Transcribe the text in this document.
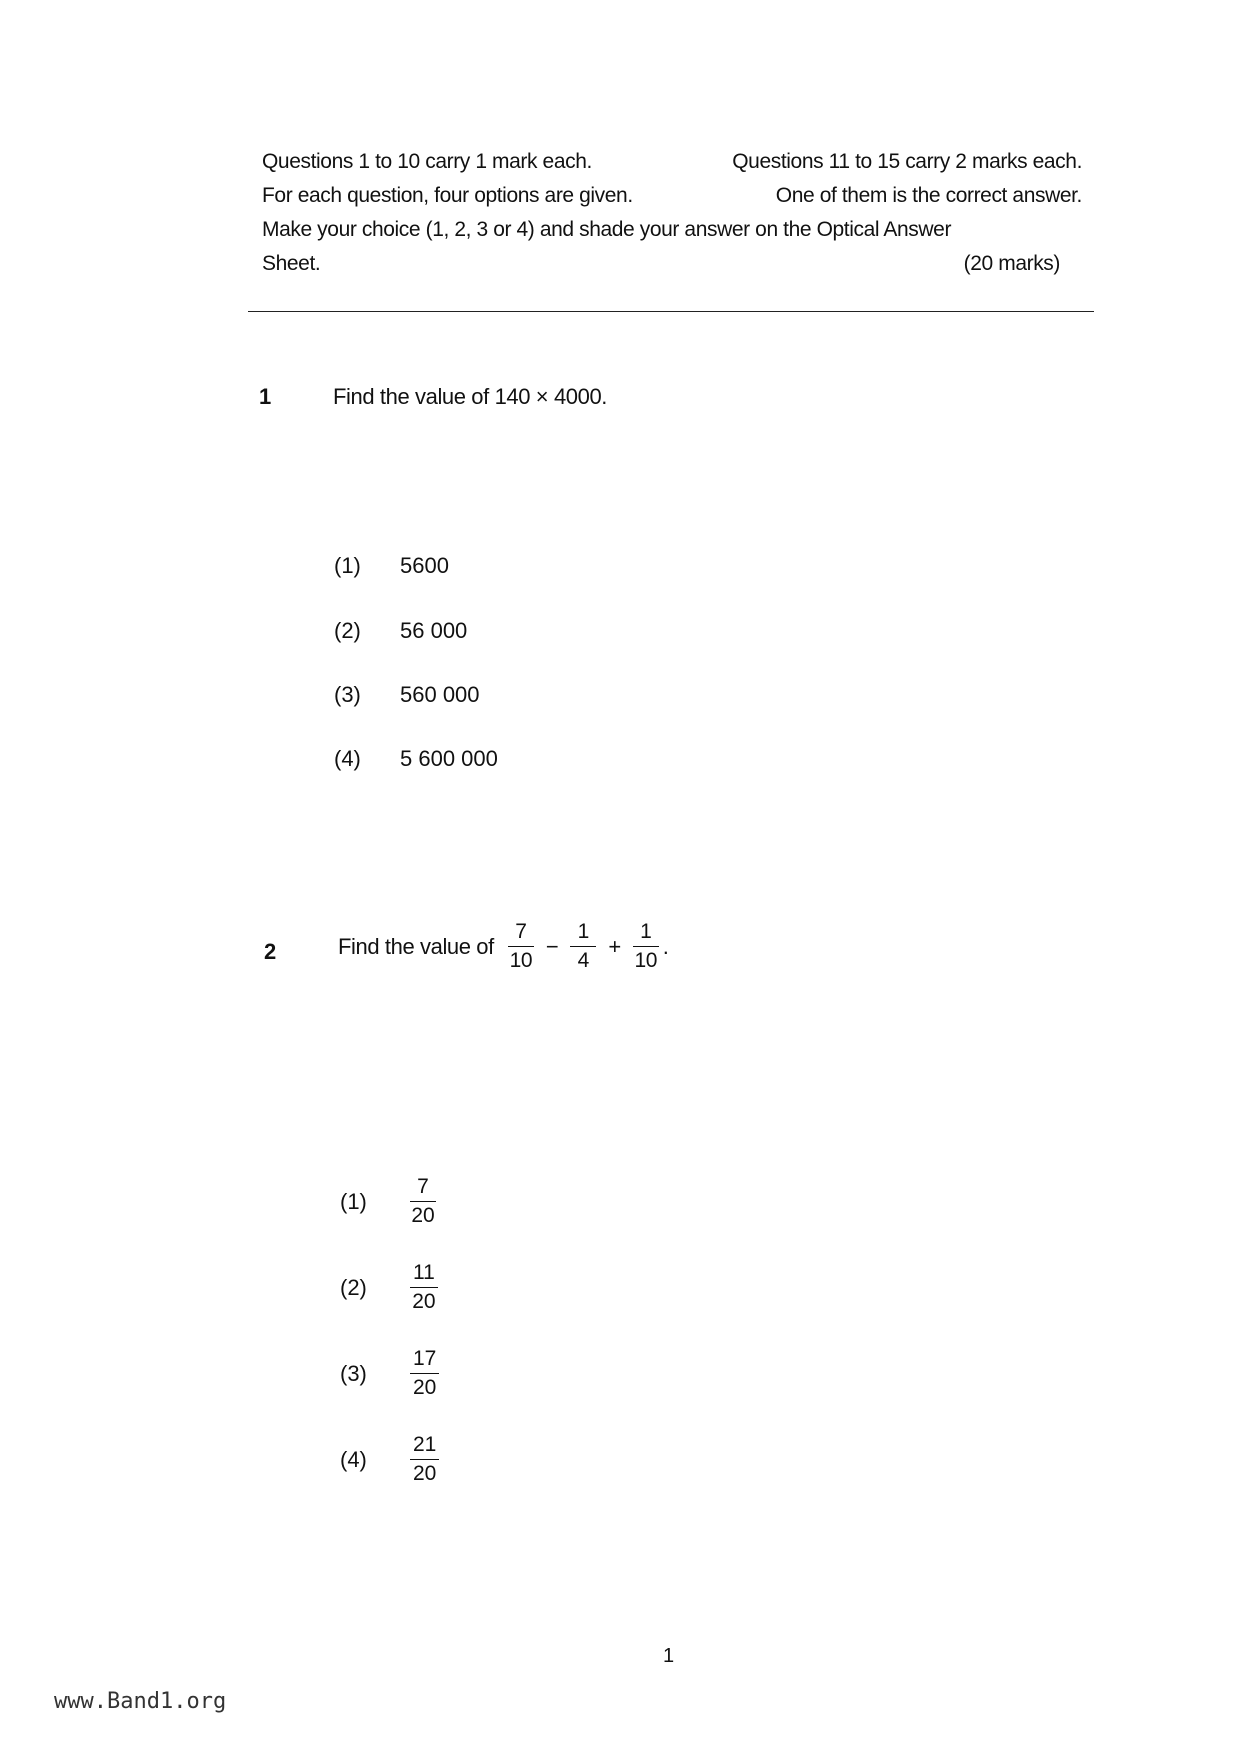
Questions 1 to 10 carry 1 mark each.	Questions 11 to 15 carry 2 marks each.
For each question, four options are given.	One of them is the correct answer.
Make your choice (1, 2, 3 or 4) and shade your answer on the Optical Answer
Sheet.	(20 marks)
1	Find the value of 140 × 4000.
(1)	5600
(2)	56 000
(3)	560 000
(4)	5 600 000
2	Find the value of $\frac{7}{10} - \frac{1}{4} + \frac{1}{10}$ .
(1)	$\frac{7}{20}$
(2)	$\frac{11}{20}$
(3)	$\frac{17}{20}$
(4)	$\frac{21}{20}$
1
www.Band1.org
